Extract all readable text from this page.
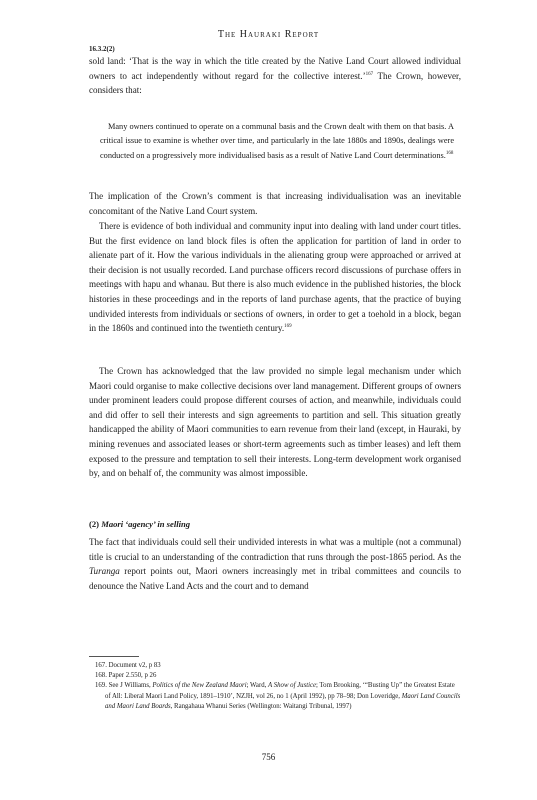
The Hauraki Report
16.3.2(2)

sold land: ‘That is the way in which the title created by the Native Land Court allowed individual owners to act independently without regard for the collective interest.’$^{167}$ The Crown, however, considers that:

Many owners continued to operate on a communal basis and the Crown dealt with them on that basis. A critical issue to examine is whether over time, and particularly in the late 1880s and 1890s, dealings were conducted on a progressively more individualised basis as a result of Native Land Court determinations.$^{168}$

The implication of the Crown’s comment is that increasing individualisation was an inevitable concomitant of the Native Land Court system.

There is evidence of both individual and community input into dealing with land under court titles. But the first evidence on land block files is often the application for partition of land in order to alienate part of it. How the various individuals in the alienating group were approached or arrived at their decision is not usually recorded. Land purchase officers record discussions of purchase offers in meetings with hapu and whanau. But there is also much evidence in the published histories, the block histories in these proceedings and in the reports of land purchase agents, that the practice of buying undivided interests from individuals or sections of owners, in order to get a toehold in a block, began in the 1860s and continued into the twentieth century.$^{169}$

The Crown has acknowledged that the law provided no simple legal mechanism under which Maori could organise to make collective decisions over land management. Different groups of owners under prominent leaders could propose different courses of action, and meanwhile, individuals could and did offer to sell their interests and sign agreements to partition and sell. This situation greatly handicapped the ability of Maori communities to earn revenue from their land (except, in Hauraki, by mining revenues and associated leases or short-term agreements such as timber leases) and left them exposed to the pressure and temptation to sell their interests. Long-term development work organised by, and on behalf of, the community was almost impossible.

(2) Maori ‘agency’ in selling

The fact that individuals could sell their undivided interests in what was a multiple (not a communal) title is crucial to an understanding of the contradiction that runs through the post-1865 period. As the Turanga report points out, Maori owners increasingly met in tribal committees and councils to denounce the Native Land Acts and the court and to demand

167. Document v2, p 83

168. Paper 2.550, p 26

169. See J Williams, Politics of the New Zealand Maori; Ward, A Show of Justice; Tom Brooking, ‘“Busting Up” the Greatest Estate of All: Liberal Maori Land Policy, 1891–1910’, NZJH, vol 26, no 1 (April 1992), pp 78–98; Don Loveridge, Maori Land Councils and Maori Land Boards, Rangahaua Whanui Series (Wellington: Waitangi Tribunal, 1997)

756
